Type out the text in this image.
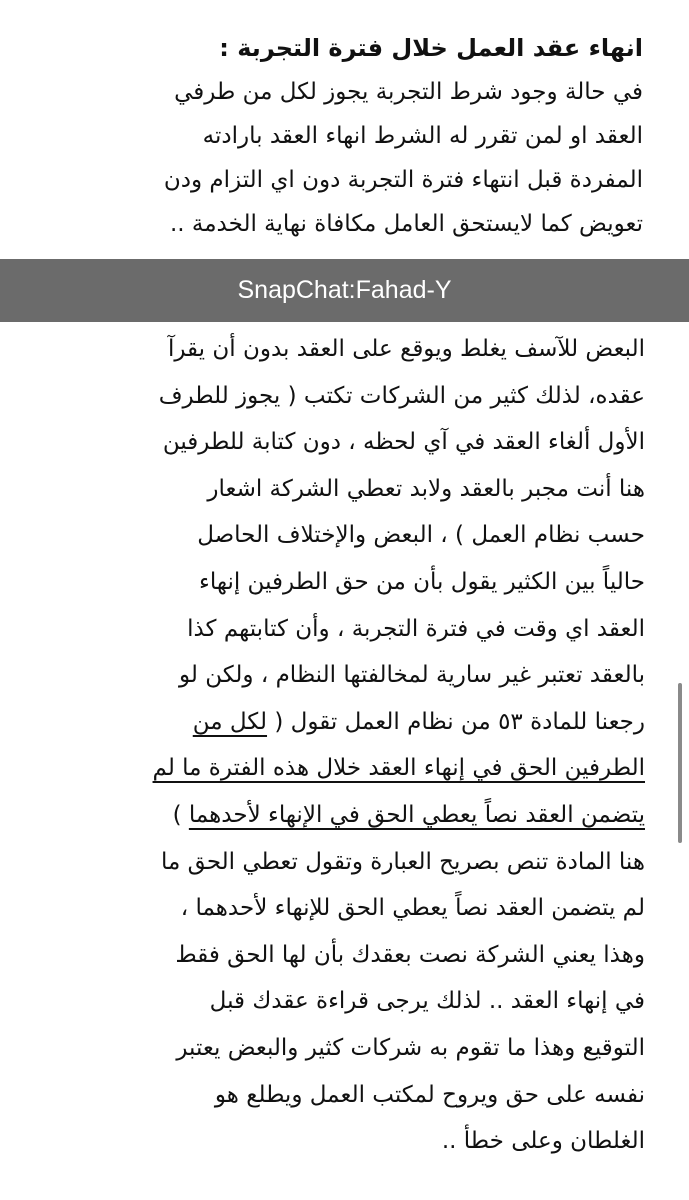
انهاء عقد العمل خلال فترة التجربة :

في حالة وجود شرط التجربة يجوز لكل من طرفي

العقد او لمن تقرر له الشرط انهاء العقد بارادته

المفردة قبل انتهاء فترة التجربة دون اي التزام ودن

تعويض كما لايستحق العامل مكافاة نهاية الخدمة ..

SnapChat:Fahad-Y

البعض للآسف يغلط ويوقع على العقد بدون أن يقرآ

عقده، لذلك كثير من الشركات تكتب ( يجوز للطرف

الأول ألغاء العقد في آي لحظه ، دون كتابة للطرفين

هنا أنت مجبر بالعقد ولابد تعطي الشركة اشعار

حسب نظام العمل ) ، البعض والإختلاف الحاصل

حالياً بين الكثير يقول بأن من حق الطرفين إنهاء

العقد اي وقت في فترة التجربة ، وأن كتابتهم كذا

بالعقد تعتبر غير سارية لمخالفتها النظام ، ولكن لو

رجعنا للمادة ٥٣ من نظام العمل تقول ( لكل من

الطرفين الحق في إنهاء العقد خلال هذه الفترة ما لم

يتضمن العقد نصاً يعطي الحق في الإنهاء لأحدهما )

هنا المادة تنص بصريح العبارة وتقول تعطي الحق ما

لم يتضمن العقد نصاً يعطي الحق للإنهاء لأحدهما ،

وهذا يعني الشركة نصت بعقدك بأن لها الحق فقط

في إنهاء العقد .. لذلك يرجى قراءة عقدك قبل

التوقيع وهذا ما تقوم به شركات كثير والبعض يعتبر

نفسه على حق ويروح لمكتب العمل ويطلع هو

الغلطان وعلى خطأ ..
